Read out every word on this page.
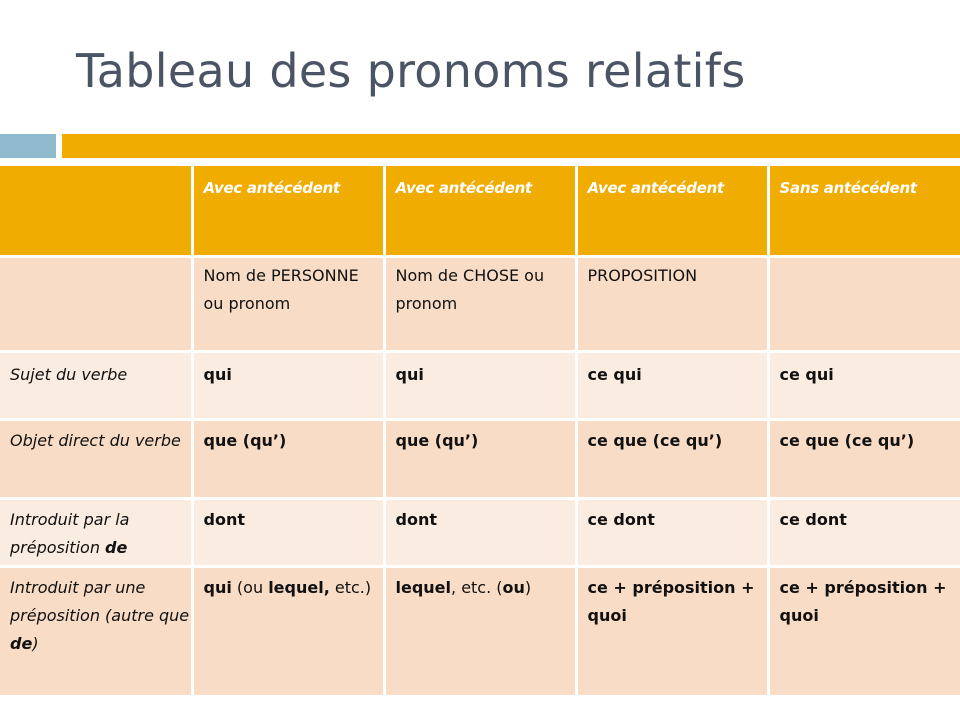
Tableau des pronoms relatifs
	Avec antécédent	Avec antécédent	Avec antécédent	Sans antécédent
	Nom de PERSONNE ou pronom	Nom de CHOSE ou pronom	PROPOSITION	
Sujet du verbe	qui	qui	ce qui	ce qui
Objet direct du verbe	que (qu’)	que (qu’)	ce que (ce qu’)	ce que (ce qu’)
Introduit par la préposition de	dont	dont	ce dont	ce dont
Introduit par une préposition (autre que de)	qui (ou lequel, etc.)	lequel, etc. (ou)	ce + préposition + quoi	ce + préposition + quoi
